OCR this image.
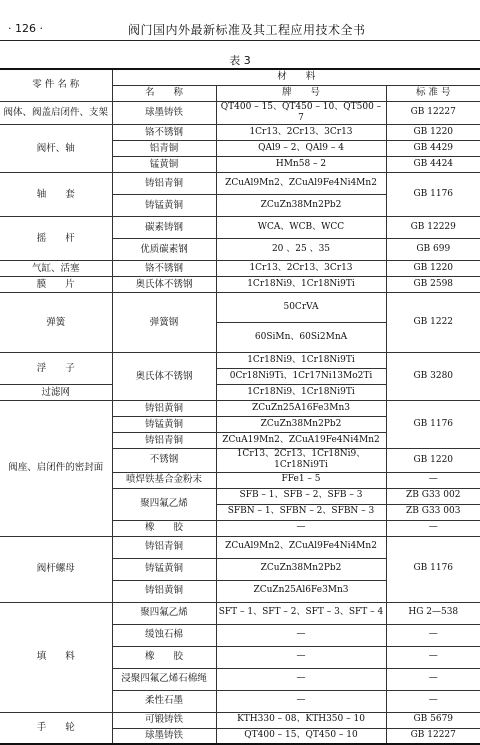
· 126 ·	阀门国内外最新标准及其工程应用技术全书
表 3
零 件 名 称	材　　料		
	名　　称	牌　　号	标 准 号
阀体、阀盖启闭件、支架	球墨铸铁	QT400 – 15、QT450 – 10、QT500 – 7	GB 12227
阀杆、轴	铬不锈钢	1Cr13、2Cr13、3Cr13	GB 1220
	铝青铜	QAl9 – 2、QAl9 – 4	GB 4429
	锰黄铜	HMn58 – 2	GB 4424
轴　　套	铸铝青铜	ZCuAl9Mn2、ZCuAl9Fe4Ni4Mn2	GB 1176
	铸锰黄铜	ZCuZn38Mn2Pb2	
摇　　杆	碳素铸钢	WCA、WCB、WCC	GB 12229
	优质碳素钢	20 、25 、35	GB 699
气缸、活塞	铬不锈钢	1Cr13、2Cr13、3Cr13	GB 1220
膜　　片	奥氏体不锈钢	1Cr18Ni9、1Cr18Ni9Ti	GB 2598
弹簧	弹簧钢	50CrVA	GB 1222
		60SiMn、60Si2MnA	
浮　　子	奥氏体不锈钢	1Cr18Ni9、1Cr18Ni9Ti	GB 3280
		0Cr18Ni9Ti、1Cr17Ni13Mo2Ti	
过滤网		1Cr18Ni9、1Cr18Ni9Ti	
阀座、启闭件的密封面	铸铝黄铜	ZCuZn25A16Fe3Mn3	GB 1176
	铸锰黄铜	ZCuZn38Mn2Pb2	
	铸铝青铜	ZCuA19Mn2、ZCuA19Fe4Ni4Mn2	
	不锈钢	1Cr13、2Cr13、1Cr18Ni9、1Cr18Ni9Ti	GB 1220
	喷焊铁基合金粉末	FFe1 – 5	—
	聚四氟乙烯	SFB – 1、SFB – 2、SFB – 3	ZB G33 002
		SFBN – 1、SFBN – 2、SFBN – 3	ZB G33 003
	橡　　胶	—	—
阀杆螺母	铸铝青铜	ZCuAl9Mn2、ZCuAl9Fe4Ni4Mn2	GB 1176
	铸锰黄铜	ZCuZn38Mn2Pb2	
	铸铝黄铜	ZCuZn25Al6Fe3Mn3	
填　　料	聚四氟乙烯	SFT – 1、SFT – 2、SFT – 3、SFT – 4	HG 2—538
	缓蚀石棉	—	—
	橡　　胶	—	—
	浸聚四氟乙烯石棉绳	—	—
	柔性石墨	—	—
手　　轮	可锻铸铁	KTH330 – 08、KTH350 – 10	GB 5679
	球墨铸铁	QT400 – 15、QT450 – 10	GB 12227
